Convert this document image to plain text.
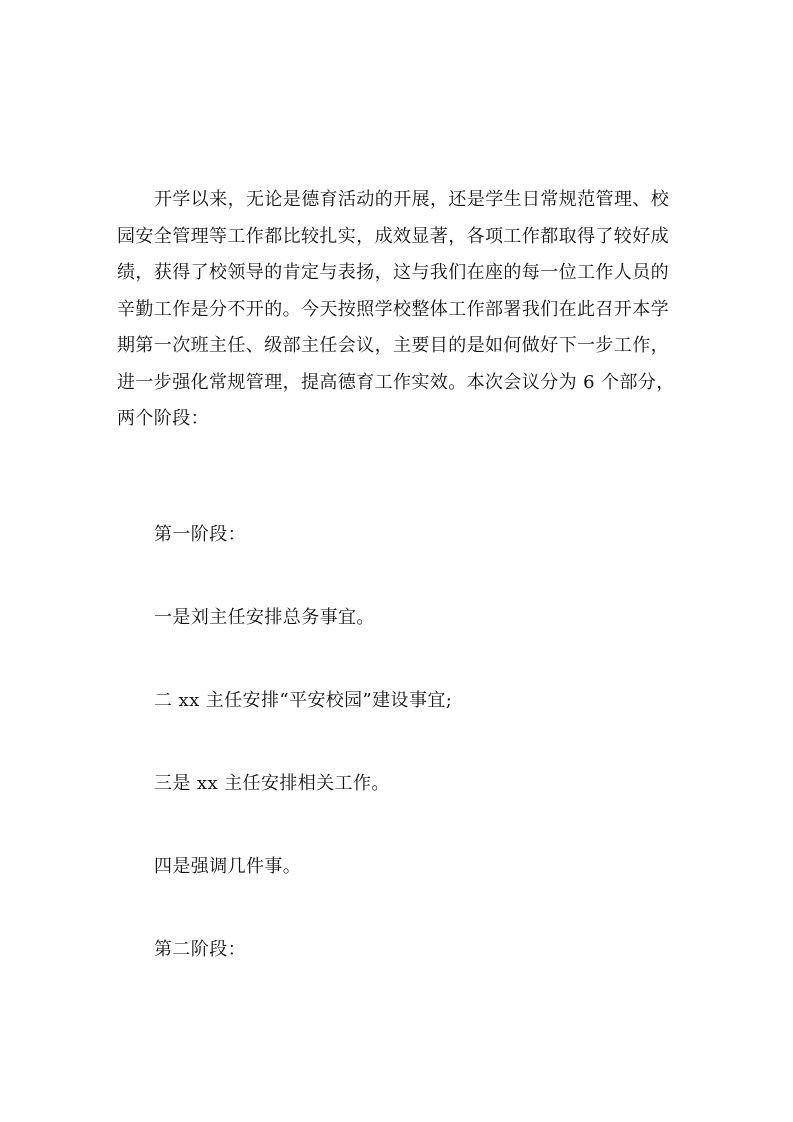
开学以来，无论是德育活动的开展，还是学生日常规范管理、校
园安全管理等工作都比较扎实，成效显著，各项工作都取得了较好成
绩，获得了校领导的肯定与表扬，这与我们在座的每一位工作人员的
辛勤工作是分不开的。今天按照学校整体工作部署我们在此召开本学
期第一次班主任、级部主任会议，主要目的是如何做好下一步工作，
进一步强化常规管理，提高德育工作实效。本次会议分为 6 个部分，
两个阶段：
第一阶段：
一是刘主任安排总务事宜。
二 xx 主任安排“平安校园”建设事宜;
三是 xx 主任安排相关工作。
四是强调几件事。
第二阶段：
